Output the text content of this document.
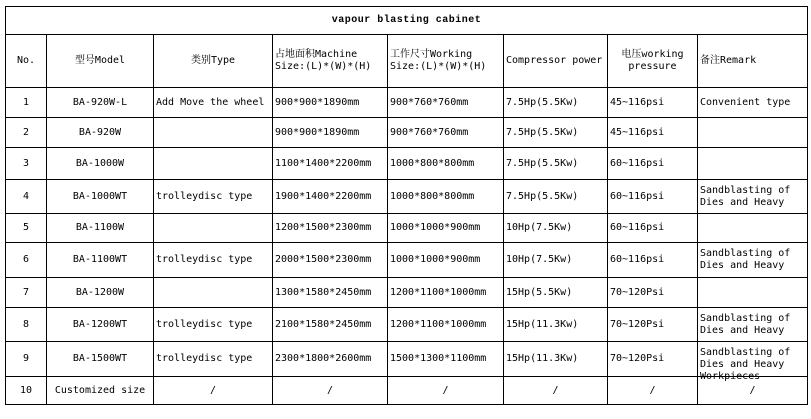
vapour blasting cabinet							
No.	型号Model	类别Type	占地面积Machine
Size:(L)*(W)*(H)	工作尺寸Working
Size:(L)*(W)*(H)	Compressor power	电压working
pressure	备注Remark
1	BA-920W-L	Add Move the wheel	900*900*1890mm	900*760*760mm	7.5Hp(5.5Kw)	45~116psi	Convenient type
2	BA-920W		900*900*1890mm	900*760*760mm	7.5Hp(5.5Kw)	45~116psi	
3	BA-1000W		1100*1400*2200mm	1000*800*800mm	7.5Hp(5.5Kw)	60~116psi	
4	BA-1000WT	trolleydisc type	1900*1400*2200mm	1000*800*800mm	7.5Hp(5.5Kw)	60~116psi	Sandblasting of Dies and Heavy

5	BA-1100W		1200*1500*2300mm	1000*1000*900mm	10Hp(7.5Kw)	60~116psi	
6	BA-1100WT	trolleydisc type	2000*1500*2300mm	1000*1000*900mm	10Hp(7.5Kw)	60~116psi	Sandblasting of Dies and Heavy

7	BA-1200W		1300*1580*2450mm	1200*1100*1000mm	15Hp(5.5Kw)	70~120Psi	
8	BA-1200WT	trolleydisc type	2100*1580*2450mm	1200*1100*1000mm	15Hp(11.3Kw)	70~120Psi	Sandblasting of Dies and Heavy

9	BA-1500WT	trolleydisc type	2300*1800*2600mm	1500*1300*1100mm	15Hp(11.3Kw)	70~120Psi	Sandblasting of Dies and Heavy Workpieces

10	Customized size	/	/	/	/	/	/
